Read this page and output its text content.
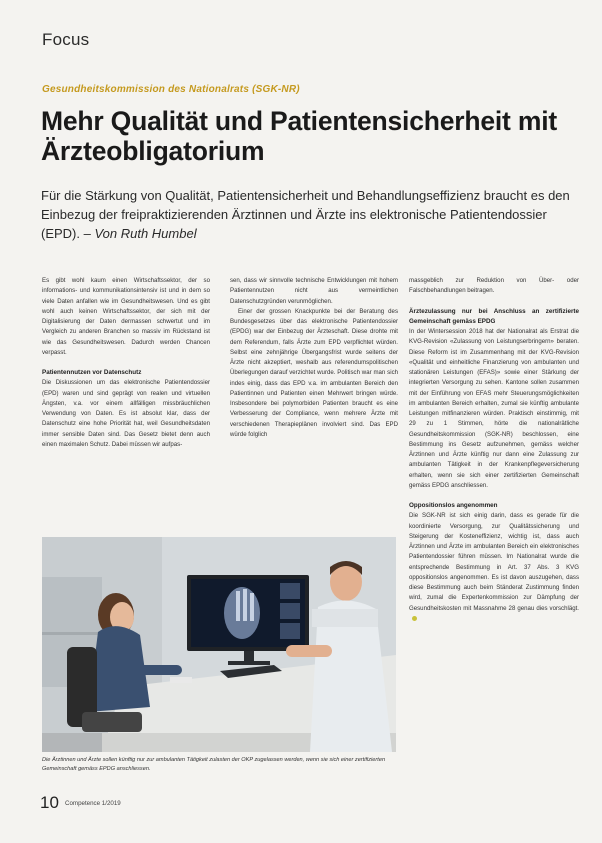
Focus
Gesundheitskommission des Nationalrats (SGK-NR)
Mehr Qualität und Patientensicherheit mit Ärzteobligatorium
Für die Stärkung von Qualität, Patientensicherheit und Behandlungseffizienz braucht es den Einbezug der freipraktizierenden Ärztinnen und Ärzte ins elektronische Patientendossier (EPD). – Von Ruth Humbel

Es gibt wohl kaum einen Wirtschaftssektor, der so informations- und kommunikationsintensiv ist und in dem so viele Daten anfallen wie im Gesundheitswesen. Und es gibt wohl auch keinen Wirtschaftssektor, der sich mit der Digitalisierung der Daten dermassen schwertut und im Vergleich zu anderen Branchen so massiv im Rückstand ist wie das Gesundheitswesen. Dadurch werden Chancen verpasst.

Patientennutzen vor Datenschutz

Die Diskussionen um das elektronische Patientendossier (EPD) waren und sind geprägt von realen und virtuellen Ängsten, v.a. vor einem allfälligen missbräuchlichen Verwendung von Daten. Es ist absolut klar, dass der Datenschutz eine hohe Priorität hat, weil Gesundheitsdaten immer sensible Daten sind. Das Gesetz bietet denn auch einen maximalen Schutz. Dabei müssen wir aufpas-

sen, dass wir sinnvolle technische Entwicklungen mit hohem Patientennutzen nicht aus vermeintlichen Datenschutzgründen verunmöglichen.

Einer der grossen Knackpunkte bei der Beratung des Bundesgesetzes über das elektronische Patientendossier (EPDG) war der Einbezug der Ärzteschaft. Diese drohte mit dem Referendum, falls Ärzte zum EPD verpflichtet würden. Selbst eine zehnjährige Übergangsfrist wurde seitens der Ärzte nicht akzeptiert, weshalb aus referendumspolitischen Überlegungen darauf verzichtet wurde. Politisch war man sich indes einig, dass das EPD v.a. im ambulanten Bereich den Patientinnen und Patienten einen Mehrwert bringen würde. Insbesondere bei polymorbiden Patienten braucht es eine Verbesserung der Compliance, wenn mehrere Ärzte mit verschiedenen Therapieplänen involviert sind. Das EPD würde folglich

massgeblich zur Reduktion von Über- oder Falschbehandlungen beitragen.

Ärztezulassung nur bei Anschluss an zertifizierte Gemeinschaft gemäss EPDG

In der Wintersession 2018 hat der Nationalrat als Erstrat die KVG-Revision «Zulassung von Leistungserbringern» beraten. Diese Reform ist im Zusammenhang mit der KVG-Revision «Qualität und einheitliche Finanzierung von ambulanten und stationären Leistungen (EFAS)» sowie einer Stärkung der integrierten Versorgung zu sehen. Kantone sollen zusammen mit der Einführung von EFAS mehr Steuerungsmöglichkeiten im ambulanten Bereich erhalten, zumal sie künftig ambulante Leistungen mitfinanzieren würden. Praktisch einstimmig, mit 29 zu 1 Stimmen, hörte die nationalrätliche Gesundheitskommission (SGK-NR) beschlossen, eine Bestimmung ins Gesetz aufzunehmen, gemäss welcher Ärztinnen und Ärzte künftig nur dann eine Zulassung zur ambulanten Tätigkeit in der Krankenpflegeversicherung erhalten, wenn sie sich einer zertifizierten Gemeinschaft gemäss EPDG anschliessen.

Oppositionslos angenommen

Die SGK-NR ist sich einig darin, dass es gerade für die koordinierte Versorgung, zur Qualitätssicherung und Steigerung der Kosteneffizienz, wichtig ist, dass auch Ärztinnen und Ärzte im ambulanten Bereich ein elektronisches Patientendossier führen müssen. Im Nationalrat wurde die entsprechende Bestimmung in Art. 37 Abs. 3 KVG oppositionslos angenommen. Es ist davon auszugehen, dass diese Bestimmung auch beim Ständerat Zustimmung finden wird, zumal die Expertenkommission zur Dämpfung der Gesundheitskosten mit Massnahme 28 genau dies vorschlägt.

Die Ärztinnen und Ärzte sollen künftig nur zur ambulanten Tätigkeit zulasten der OKP zugelassen werden, wenn sie sich einer zertifizierten Gemeinschaft gemäss EPDG anschliessen.
10 Competence 1/2019
